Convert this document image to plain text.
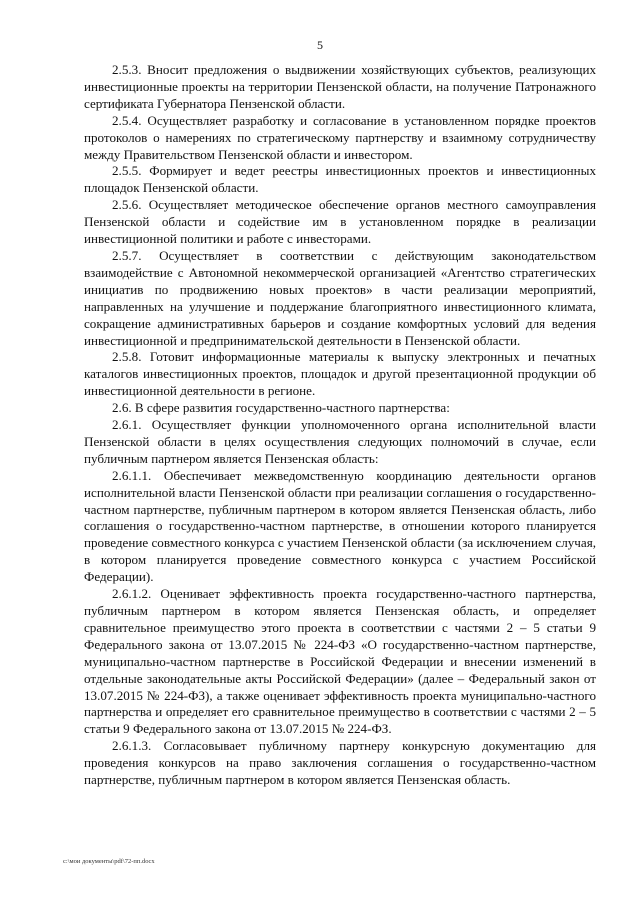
5

2.5.3. Вносит предложения о выдвижении хозяйствующих субъектов, реализующих инвестиционные проекты на территории Пензенской области, на получение Патронажного сертификата Губернатора Пензенской области.

2.5.4. Осуществляет разработку и согласование в установленном порядке проектов протоколов о намерениях по стратегическому партнерству и взаимному сотрудничеству между Правительством Пензенской области и инвестором.

2.5.5. Формирует и ведет реестры инвестиционных проектов и инвестиционных площадок Пензенской области.

2.5.6. Осуществляет методическое обеспечение органов местного самоуправления Пензенской области и содействие им в установленном порядке в реализации инвестиционной политики и работе с инвесторами.

2.5.7. Осуществляет в соответствии с действующим законодательством взаимодействие с Автономной некоммерческой организацией «Агентство стратегических инициатив по продвижению новых проектов» в части реализации мероприятий, направленных на улучшение и поддержание благоприятного инвестиционного климата, сокращение административных барьеров и создание комфортных условий для ведения инвестиционной и предпринимательской деятельности в Пензенской области.

2.5.8. Готовит информационные материалы к выпуску электронных и печатных каталогов инвестиционных проектов, площадок и другой презентационной продукции об инвестиционной деятельности в регионе.

2.6. В сфере развития государственно-частного партнерства:

2.6.1. Осуществляет функции уполномоченного органа исполнительной власти Пензенской области в целях осуществления следующих полномочий в случае, если публичным партнером является Пензенская область:

2.6.1.1. Обеспечивает межведомственную координацию деятельности органов исполнительной власти Пензенской области при реализации соглашения о государственно-частном партнерстве, публичным партнером в котором является Пензенская область, либо соглашения о государственно-частном партнерстве, в отношении которого планируется проведение совместного конкурса с участием Пензенской области (за исключением случая, в котором планируется проведение совместного конкурса с участием Российской Федерации).

2.6.1.2. Оценивает эффективность проекта государственно-частного партнерства, публичным партнером в котором является Пензенская область, и определяет сравнительное преимущество этого проекта в соответствии с частями 2 – 5 статьи 9 Федерального закона от 13.07.2015 № 224-ФЗ «О государственно-частном партнерстве, муниципально-частном партнерстве в Российской Федерации и внесении изменений в отдельные законодательные акты Российской Федерации» (далее – Федеральный закон от 13.07.2015 № 224-ФЗ), а также оценивает эффективность проекта муниципально-частного партнерства и определяет его сравнительное преимущество в соответствии с частями 2 – 5 статьи 9 Федерального закона от 13.07.2015 № 224-ФЗ.

2.6.1.3. Согласовывает публичному партнеру конкурсную документацию для проведения конкурсов на право заключения соглашения о государственно-частном партнерстве, публичным партнером в котором является Пензенская область.

c:\мои документы\pdf\72-пп.docx
